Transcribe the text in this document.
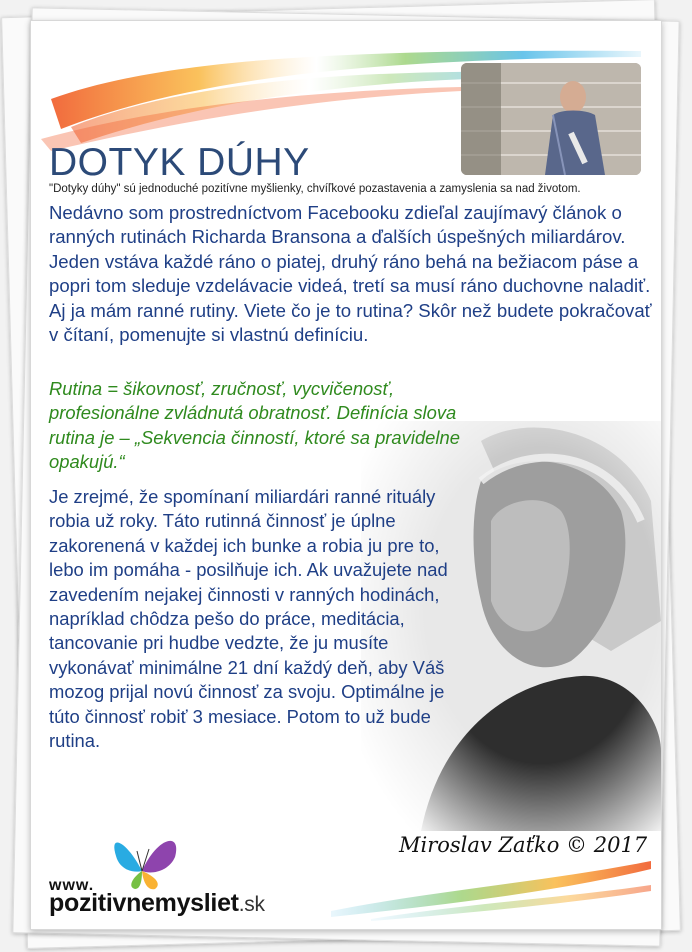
DOTYK DÚHY

"Dotyky dúhy" sú jednoduché pozitívne myšlienky, chvíľkové pozastavenia a zamyslenia sa nad životom.

Nedávno som prostredníctvom Facebooku zdieľal zaujímavý článok o ranných rutinách Richarda Bransona a ďalších úspešných miliardárov. Jeden vstáva každé ráno o piatej, druhý ráno behá na bežiacom páse a popri tom sleduje vzdelávacie videá, tretí sa musí ráno duchovne naladiť. Aj ja mám ranné rutiny. Viete čo je to rutina? Skôr než budete pokračovať v čítaní, pomenujte si vlastnú definíciu.

Rutina = šikovnosť, zručnosť, vycvičenosť, profesionálne zvládnutá obratnosť. Definícia slova rutina je – „Sekvencia činností, ktoré sa pravidelne opakujú.“

Je zrejmé, že spomínaní miliardári ranné rituály robia už roky. Táto rutinná činnosť je úplne zakorenená v každej ich bunke a robia ju pre to, lebo im pomáha - posilňuje ich. Ak uvažujete nad zavedením nejakej činnosti v ranných hodinách, napríklad chôdza pešo do práce, meditácia, tancovanie pri hudbe vedzte, že ju musíte vykonávať minimálne 21 dní každý deň, aby Váš mozog prijal novú činnosť za svoju. Optimálne je túto činnosť robiť 3 mesiace. Potom to už bude rutina.

Miroslav Zaťko © 2017

www.
pozitivnemysliet.sk
